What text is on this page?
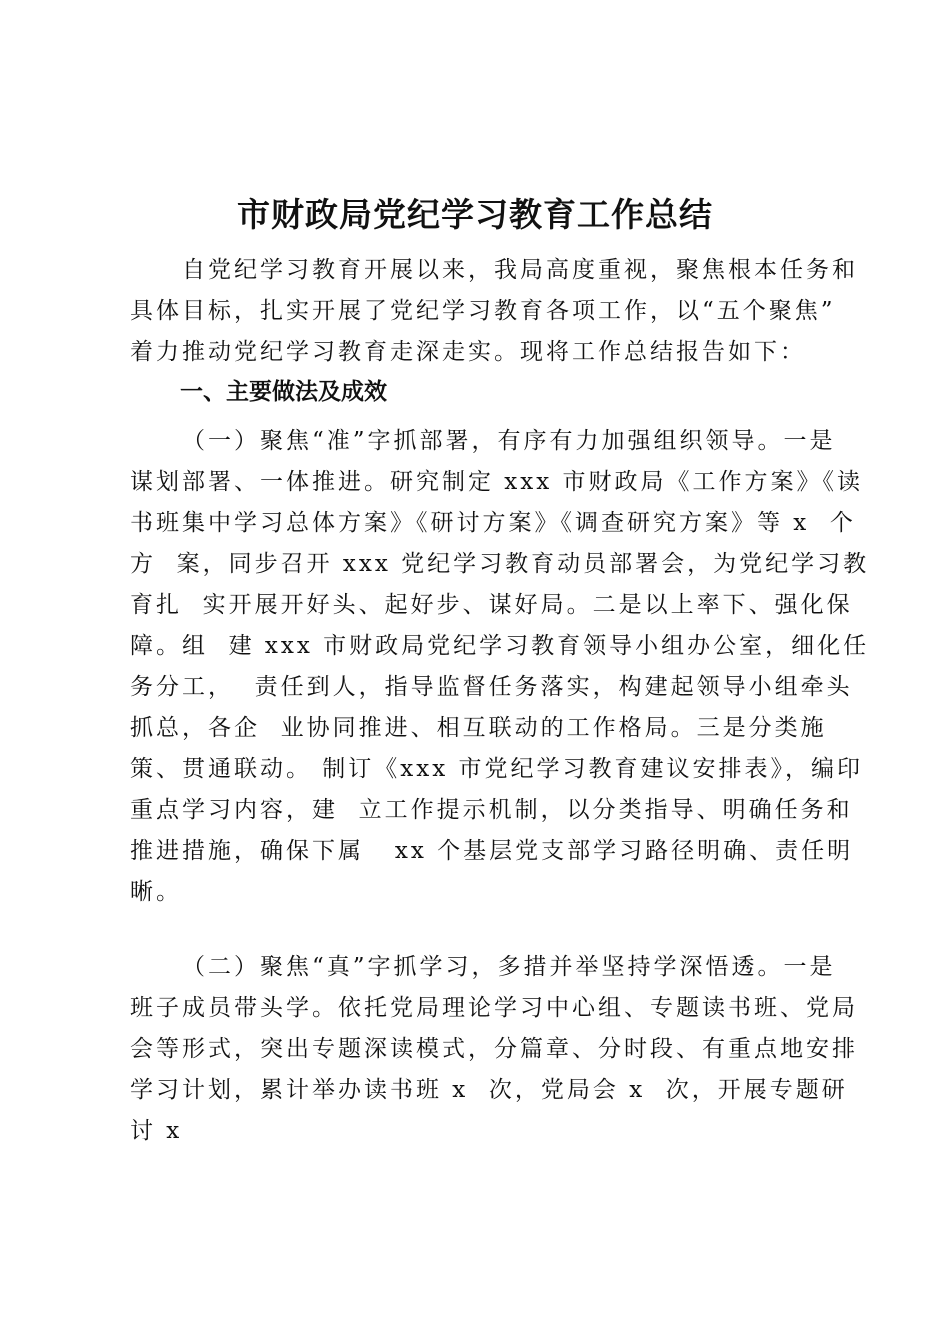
市财政局党纪学习教育工作总结
自党纪学习教育开展以来，我局高度重视，聚焦根本任务和
具体目标，扎实开展了党纪学习教育各项工作，以“五个聚焦”
着力推动党纪学习教育走深走实。现将工作总结报告如下：
一、主要做法及成效
（一）聚焦“准”字抓部署，有序有力加强组织领导。一是
谋划部署、一体推进。研究制定 xxx 市财政局《工作方案》《读
书班集中学习总体方案》《研讨方案》《调查研究方案》等 x  个
方  案，同步召开 xxx 党纪学习教育动员部署会，为党纪学习教
育扎  实开展开好头、起好步、谋好局。二是以上率下、强化保
障。组  建 xxx 市财政局党纪学习教育领导小组办公室，细化任
务分工，  责任到人，指导监督任务落实，构建起领导小组牵头
抓总，各企  业协同推进、相互联动的工作格局。三是分类施
策、贯通联动。 制订《xxx 市党纪学习教育建议安排表》，编印
重点学习内容，建  立工作提示机制，以分类指导、明确任务和
推进措施，确保下属   xx 个基层党支部学习路径明确、责任明
晰。
（二）聚焦“真”字抓学习，多措并举坚持学深悟透。一是
班子成员带头学。依托党局理论学习中心组、专题读书班、党局
会等形式，突出专题深读模式，分篇章、分时段、有重点地安排
学习计划，累计举办读书班 x  次，党局会 x  次，开展专题研
讨 x
